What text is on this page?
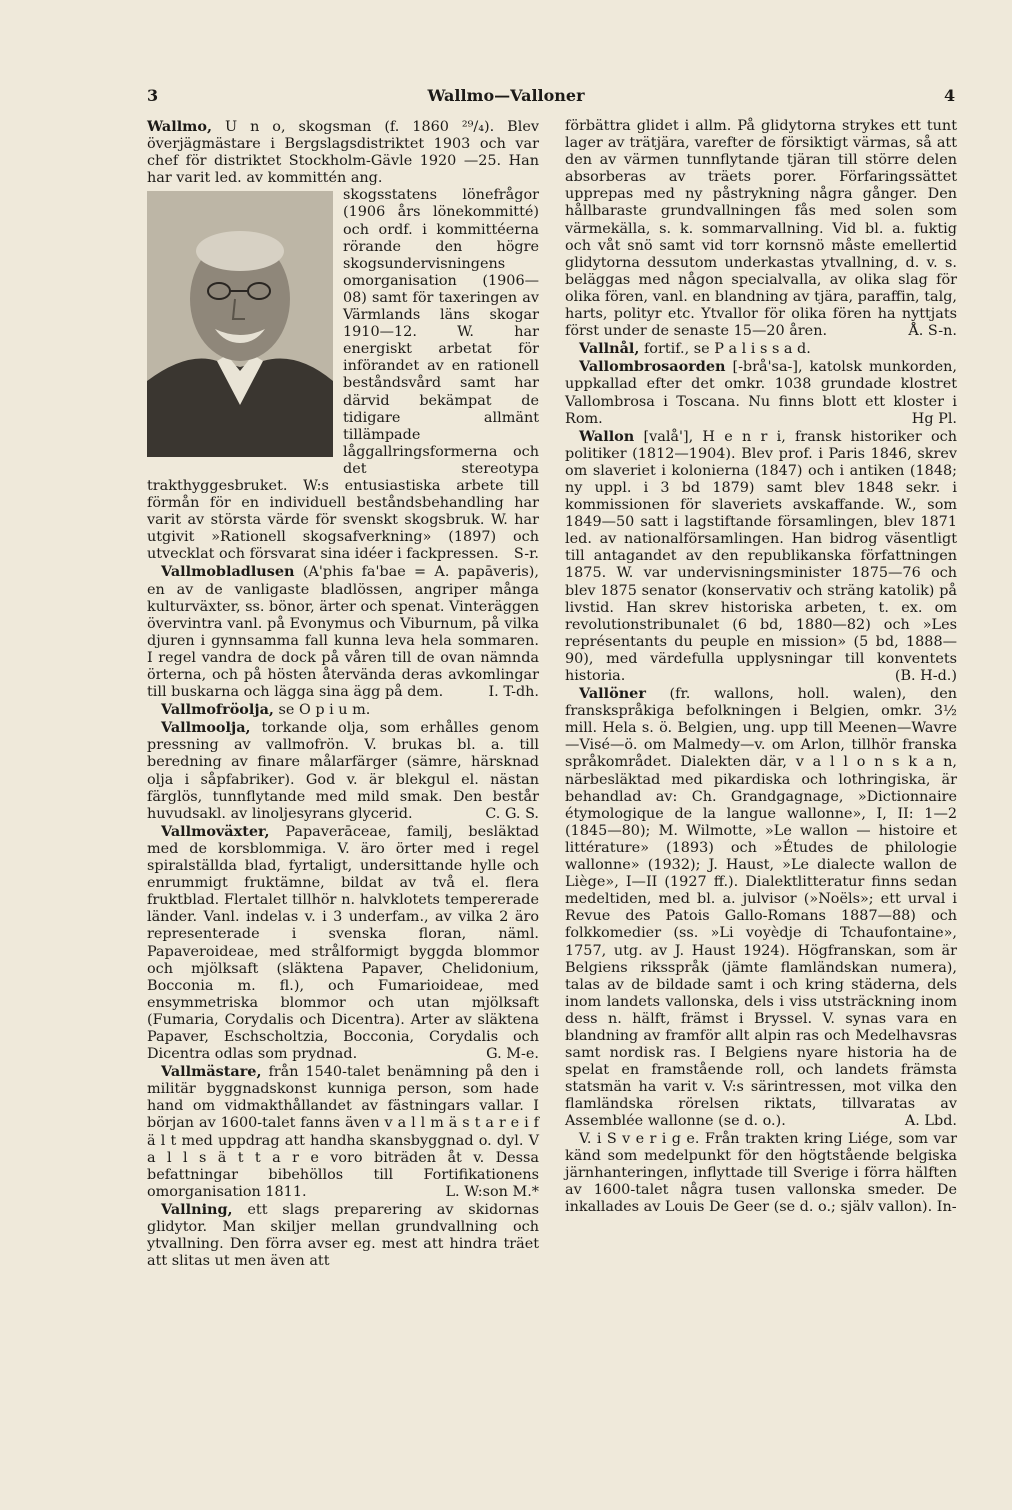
3	Wallmo—Valloner	4

Wallmo, U n o, skogsman (f. 1860 ²⁹/₄). Blev överjägmästare i Bergslagsdistriktet 1903 och var chef för distriktet Stockholm-Gävle 1920 —25. Han har varit led. av kommittén ang.

skogsstatens lönefrågor (1906 års lönekommitté) och ordf. i kommittéerna rörande den högre skogsundervisningens omorganisation (1906—08) samt för taxeringen av Värmlands läns skogar 1910—12. W. har energiskt arbetat för införandet av en rationell beståndsvård samt har därvid bekämpat de tidigare allmänt tillämpade låggallringsformerna och det stereotypa trakthyggesbruket. W:s entusiastiska arbete till förmån för en individuell beståndsbehandling har varit av största värde för svenskt skogsbruk. W. har utgivit »Rationell skogsafverkning» (1897) och utvecklat och försvarat sina idéer i fackpressen. S-r.

Vallmobladlusen (A'phis fa'bae = A. papāveris), en av de vanligaste bladlössen, angriper många kulturväxter, ss. bönor, ärter och spenat. Vinteräggen övervintra vanl. på Evonymus och Viburnum, på vilka djuren i gynnsamma fall kunna leva hela sommaren. I regel vandra de dock på våren till de ovan nämnda örterna, och på hösten återvända deras avkomlingar till buskarna och lägga sina ägg på dem.	I. T-dh.

Vallmofröolja, se O p i u m.

Vallmoolja, torkande olja, som erhålles genom pressning av vallmofrön. V. brukas bl. a. till beredning av finare målarfärger (sämre, härsknad olja i såpfabriker). God v. är blekgul el. nästan färglös, tunnflytande med mild smak. Den består huvudsakl. av linoljesyrans glycerid.	C. G. S.

Vallmoväxter, Papaverāceae, familj, besläktad med de korsblommiga. V. äro örter med i regel spiralställda blad, fyrtaligt, undersittande hylle och enrummigt fruktämne, bildat av två el. flera fruktblad. Flertalet tillhör n. halvklotets tempererade länder. Vanl. indelas v. i 3 underfam., av vilka 2 äro representerade i svenska floran, näml. Papaveroideae, med strålformigt byggda blommor och mjölksaft (släktena Papaver, Chelidonium, Bocconia m. fl.), och Fumarioideae, med ensymmetriska blommor och utan mjölksaft (Fumaria, Corydalis och Dicentra). Arter av släktena Papaver, Eschscholtzia, Bocconia, Corydalis och Dicentra odlas som prydnad.	G. M-e.

Vallmästare, från 1540-talet benämning på den i militär byggnadskonst kunniga person, som hade hand om vidmakthållandet av fästningars vallar. I början av 1600-talet fanns även v a l l m ä s t a r e i f ä l t med uppdrag att handha skansbyggnad o. dyl. V a l l s ä t t a r e voro biträden åt v. Dessa befattningar bibehöllos till Fortifikationens omorganisation 1811.	L. W:son M.*

Vallning, ett slags preparering av skidornas glidytor. Man skiljer mellan grundvallning och ytvallning. Den förra avser eg. mest att hindra träet att slitas ut men även att

förbättra glidet i allm. På glidytorna strykes ett tunt lager av trätjära, varefter de försiktigt värmas, så att den av värmen tunnflytande tjäran till större delen absorberas av träets porer. Förfaringssättet upprepas med ny påstrykning några gånger. Den hållbaraste grundvallningen fås med solen som värmekälla, s. k. sommarvallning. Vid bl. a. fuktig och våt snö samt vid torr kornsnö måste emellertid glidytorna dessutom underkastas ytvallning, d. v. s. beläggas med någon specialvalla, av olika slag för olika fören, vanl. en blandning av tjära, paraffin, talg, harts, polityr etc. Ytvallor för olika fören ha nyttjats först under de senaste 15—20 åren.	Å. S-n.

Vallnål, fortif., se P a l i s s a d.

Vallombrosaorden [-brå'sa-], katolsk munkorden, uppkallad efter det omkr. 1038 grundade klostret Vallombrosa i Toscana. Nu finns blott ett kloster i Rom.	Hg Pl.

Wallon [valå'], H e n r i, fransk historiker och politiker (1812—1904). Blev prof. i Paris 1846, skrev om slaveriet i kolonierna (1847) och i antiken (1848; ny uppl. i 3 bd 1879) samt blev 1848 sekr. i kommissionen för slaveriets avskaffande. W., som 1849—50 satt i lagstiftande församlingen, blev 1871 led. av nationalförsamlingen. Han bidrog väsentligt till antagandet av den republikanska författningen 1875. W. var undervisningsminister 1875—76 och blev 1875 senator (konservativ och sträng katolik) på livstid. Han skrev historiska arbeten, t. ex. om revolutionstribunalet (6 bd, 1880—82) och »Les représentants du peuple en mission» (5 bd, 1888—90), med värdefulla upplysningar till konventets historia.	(B. H-d.)

Vallöner (fr. wallons, holl. walen), den franskspråkiga befolkningen i Belgien, omkr. 3½ mill. Hela s. ö. Belgien, ung. upp till Meenen—Wavre—Visé—ö. om Malmedy—v. om Arlon, tillhör franska språkområdet. Dialekten där, v a l l o n s k a n, närbesläktad med pikardiska och lothringiska, är behandlad av: Ch. Grandgagnage, »Dictionnaire étymologique de la langue wallonne», I, II: 1—2 (1845—80); M. Wilmotte, »Le wallon — histoire et littérature» (1893) och »Études de philologie wallonne» (1932); J. Haust, »Le dialecte wallon de Liège», I—II (1927 ff.). Dialektlitteratur finns sedan medeltiden, med bl. a. julvisor (»Noëls»; ett urval i Revue des Patois Gallo-Romans 1887—88) och folkkomedier (ss. »Li voyèdje di Tchaufontaine», 1757, utg. av J. Haust 1924). Högfranskan, som är Belgiens riksspråk (jämte flamländskan numera), talas av de bildade samt i och kring städerna, dels inom landets vallonska, dels i viss utsträckning inom dess n. hälft, främst i Bryssel. V. synas vara en blandning av framför allt alpin ras och Medelhavsras samt nordisk ras. I Belgiens nyare historia ha de spelat en framstående roll, och landets främsta statsmän ha varit v. V:s särintressen, mot vilka den flamländska rörelsen riktats, tillvaratas av Assemblée wallonne (se d. o.).	A. Lbd.

V. i S v e r i g e. Från trakten kring Liége, som var känd som medelpunkt för den högtstående belgiska järnhanteringen, inflyttade till Sverige i förra hälften av 1600-talet några tusen vallonska smeder. De inkallades av Louis De Geer (se d. o.; själv vallon). In-
